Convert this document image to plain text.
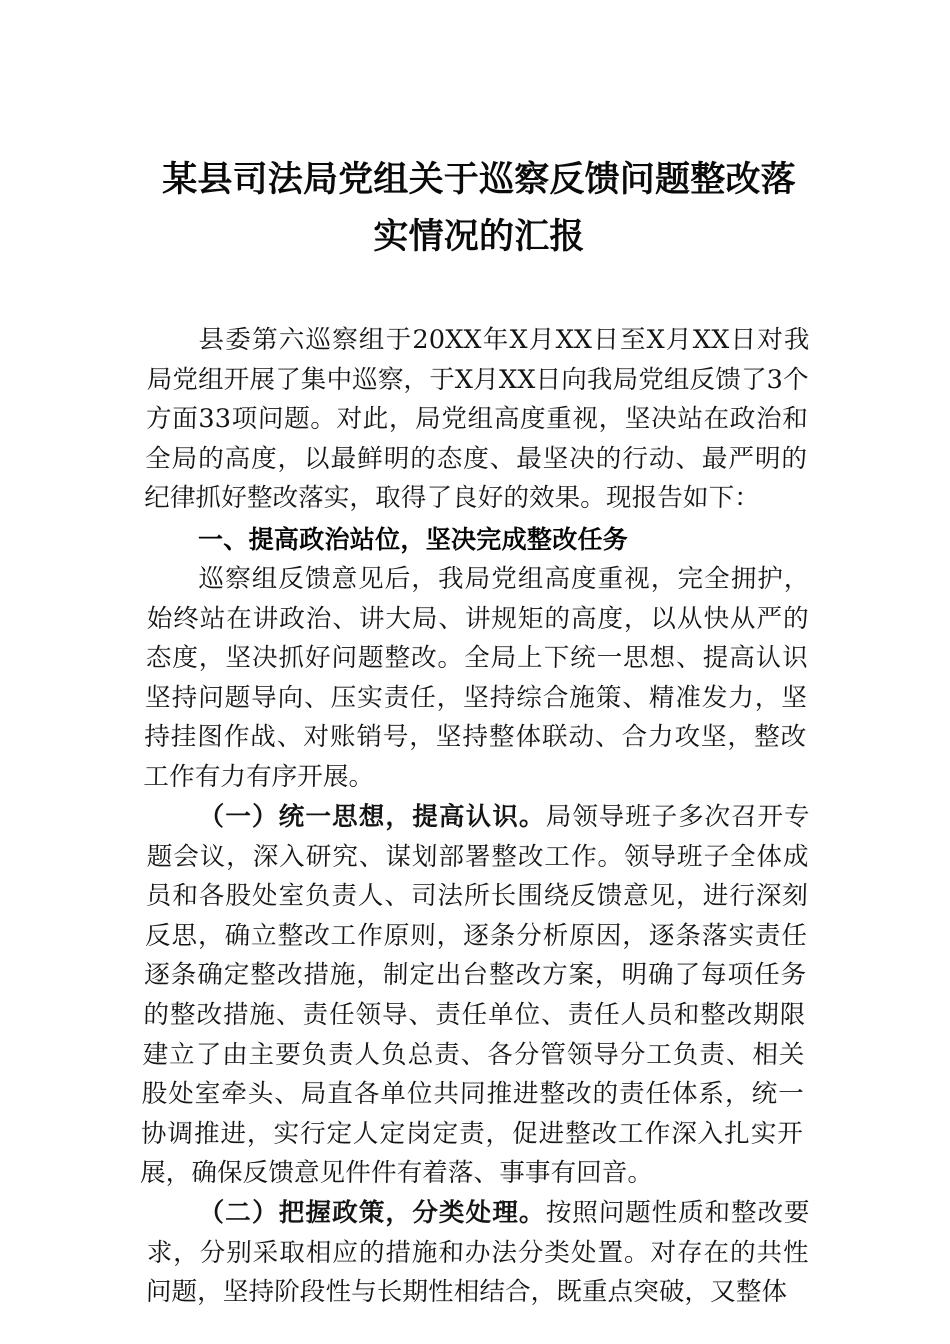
某县司法局党组关于巡察反馈问题整改落
实情况的汇报

县委第六巡察组于20XX年X月XX日至X月XX日对我局党组开展了集中巡察，于X月XX日向我局党组反馈了3个方面33项问题。对此，局党组高度重视，坚决站在政治和全局的高度，以最鲜明的态度、最坚决的行动、最严明的纪律抓好整改落实，取得了良好的效果。现报告如下：

一、提高政治站位，坚决完成整改任务

巡察组反馈意见后，我局党组高度重视，完全拥护，始终站在讲政治、讲大局、讲规矩的高度，以从快从严的态度，坚决抓好问题整改。全局上下统一思想、提高认识坚持问题导向、压实责任，坚持综合施策、精准发力，坚持挂图作战、对账销号，坚持整体联动、合力攻坚，整改工作有力有序开展。

（一）统一思想，提高认识。局领导班子多次召开专题会议，深入研究、谋划部署整改工作。领导班子全体成员和各股处室负责人、司法所长围绕反馈意见，进行深刻反思，确立整改工作原则，逐条分析原因，逐条落实责任逐条确定整改措施，制定出台整改方案，明确了每项任务的整改措施、责任领导、责任单位、责任人员和整改期限建立了由主要负责人负总责、各分管领导分工负责、相关股处室牵头、局直各单位共同推进整改的责任体系，统一协调推进，实行定人定岗定责，促进整改工作深入扎实开展，确保反馈意见件件有着落、事事有回音。

（二）把握政策，分类处理。按照问题性质和整改要求，分别采取相应的措施和办法分类处置。对存在的共性问题，坚持阶段性与长期性相结合，既重点突破，又整体
